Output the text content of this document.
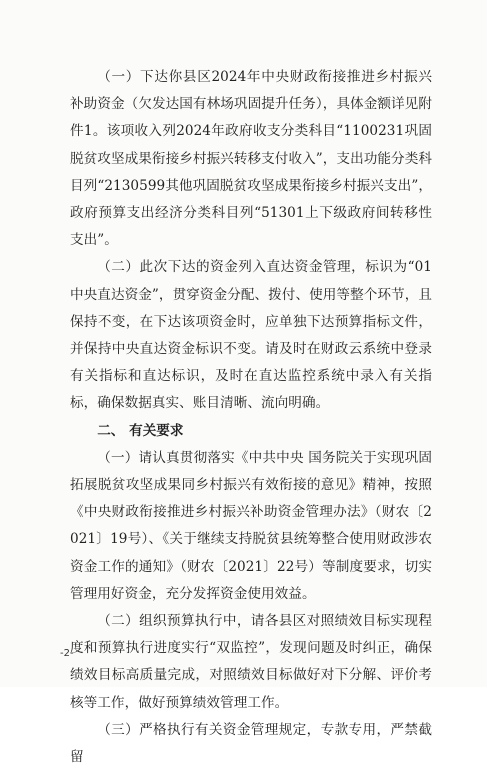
（一）下达你县区2024年中央财政衔接推进乡村振兴补助资金（欠发达国有林场巩固提升任务），具体金额详见附件1。该项收入列2024年政府收支分类科目“1100231巩固脱贫攻坚成果衔接乡村振兴转移支付收入”，支出功能分类科目列“2130599其他巩固脱贫攻坚成果衔接乡村振兴支出”，政府预算支出经济分类科目列“51301上下级政府间转移性支出”。

（二）此次下达的资金列入直达资金管理，标识为“01中央直达资金”，贯穿资金分配、拨付、使用等整个环节，且保持不变，在下达该项资金时，应单独下达预算指标文件，并保持中央直达资金标识不变。请及时在财政云系统中登录有关指标和直达标识，及时在直达监控系统中录入有关指标，确保数据真实、账目清晰、流向明确。

二、 有关要求

（一）请认真贯彻落实《中共中央 国务院关于实现巩固拓展脱贫攻坚成果同乡村振兴有效衔接的意见》精神，按照《中央财政衔接推进乡村振兴补助资金管理办法》（财农〔2021〕19号）、《关于继续支持脱贫县统筹整合使用财政涉农资金工作的通知》（财农〔2021〕22号）等制度要求，切实管理用好资金，充分发挥资金使用效益。

（二）组织预算执行中，请各县区对照绩效目标实现程度和预算执行进度实行“双监控”，发现问题及时纠正，确保绩效目标高质量完成，对照绩效目标做好对下分解、评价考核等工作，做好预算绩效管理工作。

（三）严格执行有关资金管理规定，专款专用，严禁截留

-2-
